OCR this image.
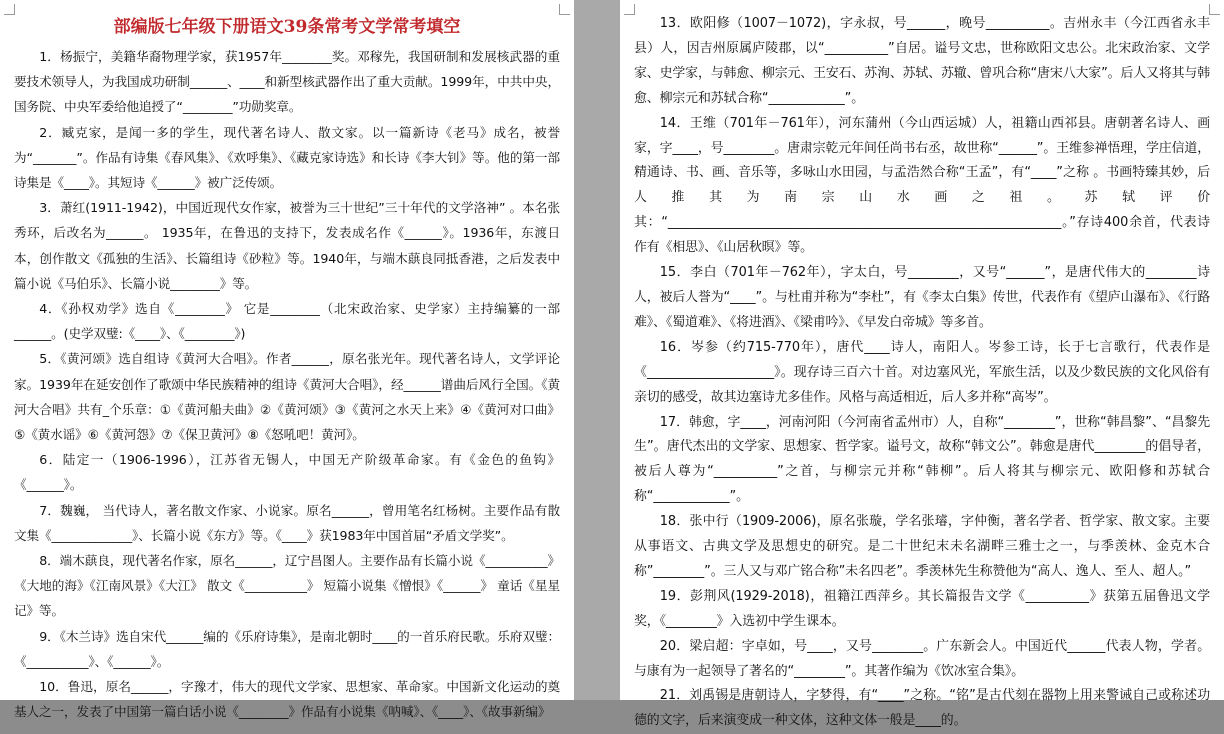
部编版七年级下册语文39条常考文学常考填空

1．杨振宁，美籍华裔物理学家，获1957年________奖。邓稼先，我国研制和发展核武器的重要技术领导人，为我国成功研制______、____和新型核武器作出了重大贡献。1999年，中共中央，国务院、中央军委给他追授了“________”功勋奖章。

2．臧克家，是闻一多的学生，现代著名诗人、散文家。以一篇新诗《老马》成名，被誉为“_______”。作品有诗集《春风集》、《欢呼集》、《藏克家诗选》和长诗《李大钊》等。他的第一部诗集是《____》。其短诗《______》被广泛传颂。

3．萧红(1911-1942)，中国近现代女作家，被誉为三十世纪”三十年代的文学洛神” 。本名张秀环，后改名为______。 1935年，在鲁迅的支持下，发表成名作《______》。1936年，东渡日本，创作散文《孤独的生活》、长篇组诗《砂粒》等。1940年，与端木蕻良同抵香港，之后发表中篇小说《马伯乐》、长篇小说________》等。

4．《孙权劝学》选自《________》 它是________（北宋政治家、史学家）主持编纂的一部______。(史学双璧:《____》、《________》)

5．《黄河颂》选自组诗《黄河大合唱》。作者______，原名张光年。现代著名诗人，文学评论家。1939年在延安创作了歌颂中华民族精神的组诗《黄河大合唱》，经______谱曲后风行全国。《黄河大合唱》共有_个乐章：①《黄河船夫曲》②《黄河颂》③《黄河之水天上来》④《黄河对口曲》⑤《黄水谣》⑥《黄河怨》⑦《保卫黄河》⑧《怒吼吧！黄河》。

6．陆定一（1906-1996），江苏省无锡人，中国无产阶级革命家。有《金色的鱼钩》《______》。

7．魏巍， 当代诗人，著名散文作家、小说家。原名______，曾用笔名红杨树。主要作品有散文集《_____________》、长篇小说《东方》等。《____》获1983年中国首届“矛盾文学奖”。

8．端木蕻良，现代著名作家，原名______，辽宁昌图人。主要作品有长篇小说《__________》《大地的海》《江南风景》《大江》 散文《__________》 短篇小说集《憎恨》《______》 童话《星星记》等。

9．《木兰诗》选自宋代______编的《乐府诗集》，是南北朝时____的一首乐府民歌。乐府双璧：《__________》、《______》。

10．鲁迅，原名______，字豫才，伟大的现代文学家、思想家、革命家。中国新文化运动的奠基人之一，发表了中国第一篇白话小说《________》作品有小说集《呐喊》、《____》、《故事新编》

13．欧阳修（1007－1072)，字永叔，号______，晚号__________。吉州永丰（今江西省永丰县）人，因吉州原属庐陵郡，以“__________”自居。谥号文忠，世称欧阳文忠公。北宋政治家、文学家、史学家，与韩愈、柳宗元、王安石、苏洵、苏轼、苏辙、曾巩合称“唐宋八大家”。后人又将其与韩愈、柳宗元和苏轼合称“____________”。

14．王维（701年－761年），河东蒲州（今山西运城）人，祖籍山西祁县。唐朝著名诗人、画家，字____，号________。唐肃宗乾元年间任尚书右丞，故世称“______”。王维参禅悟理，学庄信道，精通诗、书、画、音乐等，多咏山水田园，与孟浩然合称“王孟”，有“____”之称 。书画特臻其妙，后人推其为南宗山水画之祖。苏轼评价其：“______________________________________________________________。”存诗400余首，代表诗作有《相思》、《山居秋暝》等。

15．李白（701年－762年），字太白，号________，又号“______”，是唐代伟大的________诗人，被后人誉为“____”。与杜甫并称为“李杜”，有《李太白集》传世，代表作有《望庐山瀑布》、《行路难》、《蜀道难》、《将进酒》、《梁甫吟》、《早发白帝城》等多首。

16．岑参（约715-770年），唐代____诗人，南阳人。岑参工诗，长于七言歌行，代表作是《____________________》。现存诗三百六十首。对边塞风光，军旅生活，以及少数民族的文化风俗有亲切的感受，故其边塞诗尤多佳作。风格与高适相近，后人多并称“高岑”。

17．韩愈，字____，河南河阳（今河南省孟州市）人，自称“________”，世称“韩昌黎”、“昌黎先生”。唐代杰出的文学家、思想家、哲学家。谥号文，故称“韩文公”。韩愈是唐代________的倡导者，被后人尊为“__________”之首，与柳宗元并称“韩柳”。后人将其与柳宗元、欧阳修和苏轼合称“____________”。

18．张中行（1909-2006)，原名张璇，学名张璿，字仲衡，著名学者、哲学家、散文家。主要从事语文、古典文学及思想史的研究。是二十世纪末未名湖畔三雅士之一，与季羡林、金克木合称”________”。三人又与邓广铭合称”未名四老”。季羡林先生称赞他为“高人、逸人、至人、超人。”

19．彭荆风(1929-2018)，祖籍江西萍乡。其长篇报告文学《__________》获第五届鲁迅文学奖，《________》入选初中学生课本。

20．梁启超：字卓如，号____，又号________。广东新会人。中国近代______代表人物，学者。与康有为一起领导了著名的“________”。其著作编为《饮冰室合集》。

21．刘禹锡是唐朝诗人，字梦得，有“____”之称。“铭”是古代刻在器物上用来警诫自己或称述功德的文字，后来演变成一种文体，这种文体一般是____的。
